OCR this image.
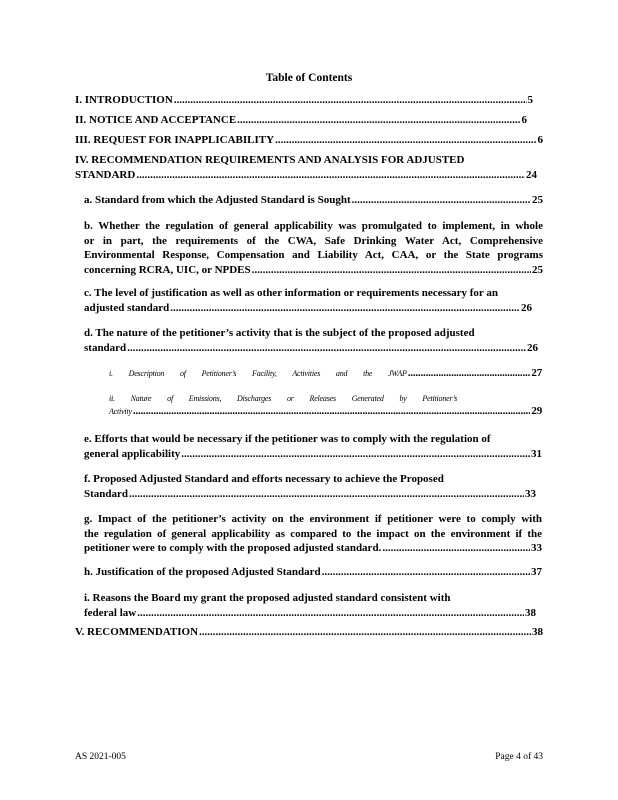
Table of Contents
I. INTRODUCTION .....	5
II. NOTICE AND ACCEPTANCE .....	6
III. REQUEST FOR INAPPLICABILITY .....	6
IV. RECOMMENDATION REQUIREMENTS AND ANALYSIS FOR ADJUSTED
STANDARD .....	24
a. Standard from which the Adjusted Standard is Sought .....	25
b. Whether the regulation of general applicability was promulgated to implement, in whole
or in part, the requirements of the CWA, Safe Drinking Water Act, Comprehensive
Environmental Response, Compensation and Liability Act, CAA, or the State programs
concerning RCRA, UIC, or NPDES .....	25
c. The level of justification as well as other information or requirements necessary for an
adjusted standard .....	26
d. The nature of the petitioner’s activity that is the subject of the proposed adjusted
standard .....	26
i. Description of Petitioner’s Facility, Activities and the JWAP .....	27
ii. Nature of Emissions, Discharges or Releases Generated by Petitioner’s
Activity .....	29
e. Efforts that would be necessary if the petitioner was to comply with the regulation of
general applicability .....	31
f. Proposed Adjusted Standard and efforts necessary to achieve the Proposed
Standard .....	33
g. Impact of the petitioner’s activity on the environment if petitioner were to comply with
the regulation of general applicability as compared to the impact on the environment if the
petitioner were to comply with the proposed adjusted standard. .....	33
h. Justification of the proposed Adjusted Standard .....	37
i. Reasons the Board my grant the proposed adjusted standard consistent with
federal law .....	38
V. RECOMMENDATION .....	38
AS 2021-005	Page 4 of 43
